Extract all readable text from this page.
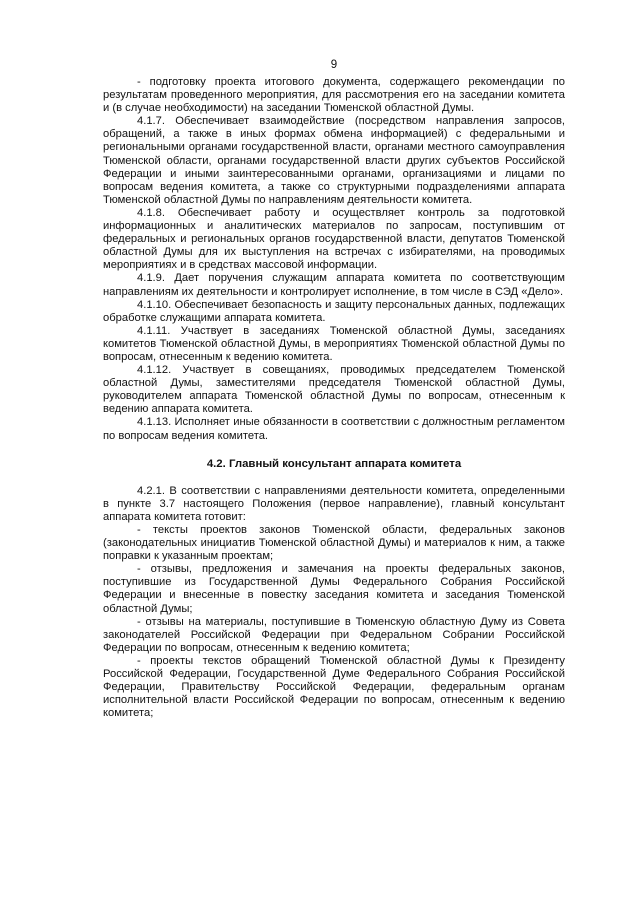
9

- подготовку проекта итогового документа, содержащего рекомендации по результатам проведенного мероприятия, для рассмотрения его на заседании комитета и (в случае необходимости) на заседании Тюменской областной Думы.

4.1.7. Обеспечивает взаимодействие (посредством направления запросов, обращений, а также в иных формах обмена информацией) с федеральными и региональными органами государственной власти, органами местного самоуправления Тюменской области, органами государственной власти других субъектов Российской Федерации и иными заинтересованными органами, организациями и лицами по вопросам ведения комитета, а также со структурными подразделениями аппарата Тюменской областной Думы по направлениям деятельности комитета.

4.1.8. Обеспечивает работу и осуществляет контроль за подготовкой информационных и аналитических материалов по запросам, поступившим от федеральных и региональных органов государственной власти, депутатов Тюменской областной Думы для их выступления на встречах с избирателями, на проводимых мероприятиях и в средствах массовой информации.

4.1.9. Дает поручения служащим аппарата комитета по соответствующим направлениям их деятельности и контролирует исполнение, в том числе в СЭД «Дело».

4.1.10. Обеспечивает безопасность и защиту персональных данных, подлежащих обработке служащими аппарата комитета.

4.1.11. Участвует в заседаниях Тюменской областной Думы, заседаниях комитетов Тюменской областной Думы, в мероприятиях Тюменской областной Думы по вопросам, отнесенным к ведению комитета.

4.1.12. Участвует в совещаниях, проводимых председателем Тюменской областной Думы, заместителями председателя Тюменской областной Думы, руководителем аппарата Тюменской областной Думы по вопросам, отнесенным к ведению аппарата комитета.

4.1.13. Исполняет иные обязанности в соответствии с должностным регламентом по вопросам ведения комитета.

4.2. Главный консультант аппарата комитета

4.2.1. В соответствии с направлениями деятельности комитета, определенными в пункте 3.7 настоящего Положения (первое направление), главный консультант аппарата комитета готовит:

- тексты проектов законов Тюменской области, федеральных законов (законодательных инициатив Тюменской областной Думы) и материалов к ним, а также поправки к указанным проектам;

- отзывы, предложения и замечания на проекты федеральных законов, поступившие из Государственной Думы Федерального Собрания Российской Федерации и внесенные в повестку заседания комитета и заседания Тюменской областной Думы;

- отзывы на материалы, поступившие в Тюменскую областную Думу из Совета законодателей Российской Федерации при Федеральном Собрании Российской Федерации по вопросам, отнесенным к ведению комитета;

- проекты текстов обращений Тюменской областной Думы к Президенту Российской Федерации, Государственной Думе Федерального Собрания Российской Федерации, Правительству Российской Федерации, федеральным органам исполнительной власти Российской Федерации по вопросам, отнесенным к ведению комитета;
